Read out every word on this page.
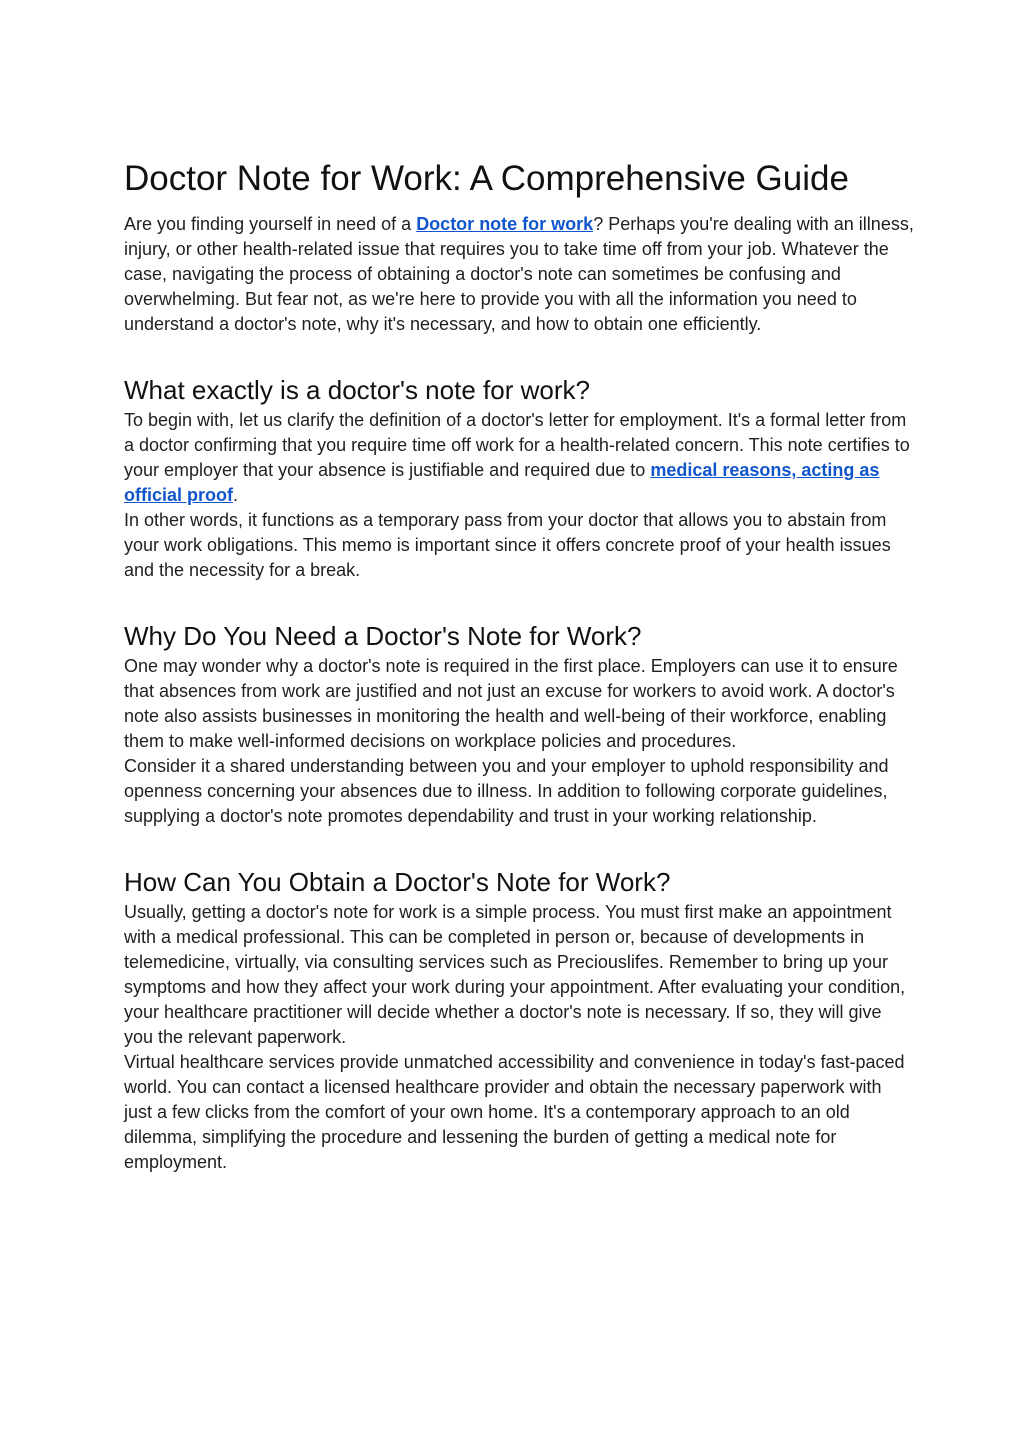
Doctor Note for Work: A Comprehensive Guide

Are you finding yourself in need of a Doctor note for work? Perhaps you're dealing with an illness, injury, or other health-related issue that requires you to take time off from your job. Whatever the case, navigating the process of obtaining a doctor's note can sometimes be confusing and overwhelming. But fear not, as we're here to provide you with all the information you need to understand a doctor's note, why it's necessary, and how to obtain one efficiently.

What exactly is a doctor's note for work?

To begin with, let us clarify the definition of a doctor's letter for employment. It's a formal letter from a doctor confirming that you require time off work for a health-related concern. This note certifies to your employer that your absence is justifiable and required due to medical reasons, acting as official proof.

In other words, it functions as a temporary pass from your doctor that allows you to abstain from your work obligations. This memo is important since it offers concrete proof of your health issues and the necessity for a break.

Why Do You Need a Doctor's Note for Work?

One may wonder why a doctor's note is required in the first place. Employers can use it to ensure that absences from work are justified and not just an excuse for workers to avoid work. A doctor's note also assists businesses in monitoring the health and well-being of their workforce, enabling them to make well-informed decisions on workplace policies and procedures.

Consider it a shared understanding between you and your employer to uphold responsibility and openness concerning your absences due to illness. In addition to following corporate guidelines, supplying a doctor's note promotes dependability and trust in your working relationship.

How Can You Obtain a Doctor's Note for Work?

Usually, getting a doctor's note for work is a simple process. You must first make an appointment with a medical professional. This can be completed in person or, because of developments in telemedicine, virtually, via consulting services such as Preciouslifes. Remember to bring up your symptoms and how they affect your work during your appointment. After evaluating your condition, your healthcare practitioner will decide whether a doctor's note is necessary. If so, they will give you the relevant paperwork.

Virtual healthcare services provide unmatched accessibility and convenience in today's fast-paced world. You can contact a licensed healthcare provider and obtain the necessary paperwork with just a few clicks from the comfort of your own home. It's a contemporary approach to an old dilemma, simplifying the procedure and lessening the burden of getting a medical note for employment.
